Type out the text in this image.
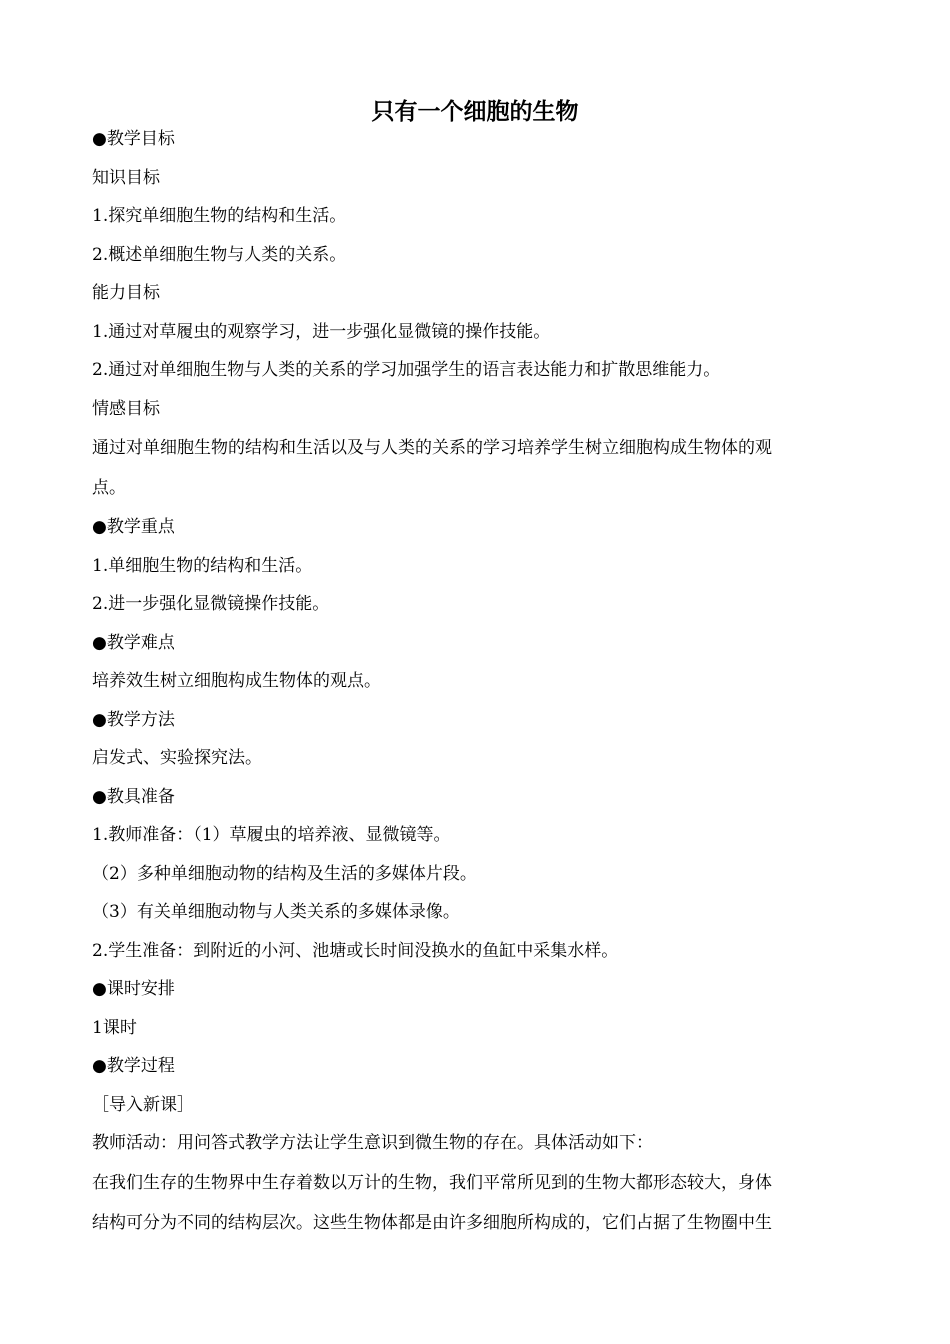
只有一个细胞的生物

●教学目标

知识目标

1.探究单细胞生物的结构和生活。

2.概述单细胞生物与人类的关系。

能力目标

1.通过对草履虫的观察学习，进一步强化显微镜的操作技能。

2.通过对单细胞生物与人类的关系的学习加强学生的语言表达能力和扩散思维能力。

情感目标

通过对单细胞生物的结构和生活以及与人类的关系的学习培养学生树立细胞构成生物体的观

点。

●教学重点

1.单细胞生物的结构和生活。

2.进一步强化显微镜操作技能。

●教学难点

培养效生树立细胞构成生物体的观点。

●教学方法

启发式、实验探究法。

●教具准备

1.教师准备：（1）草履虫的培养液、显微镜等。

（2）多种单细胞动物的结构及生活的多媒体片段。

（3）有关单细胞动物与人类关系的多媒体录像。

2.学生准备：到附近的小河、池塘或长时间没换水的鱼缸中采集水样。

●课时安排

1课时

●教学过程

［导入新课］

教师活动：用问答式教学方法让学生意识到微生物的存在。具体活动如下：

在我们生存的生物界中生存着数以万计的生物，我们平常所见到的生物大都形态较大，身体

结构可分为不同的结构层次。这些生物体都是由许多细胞所构成的，它们占据了生物圈中生
